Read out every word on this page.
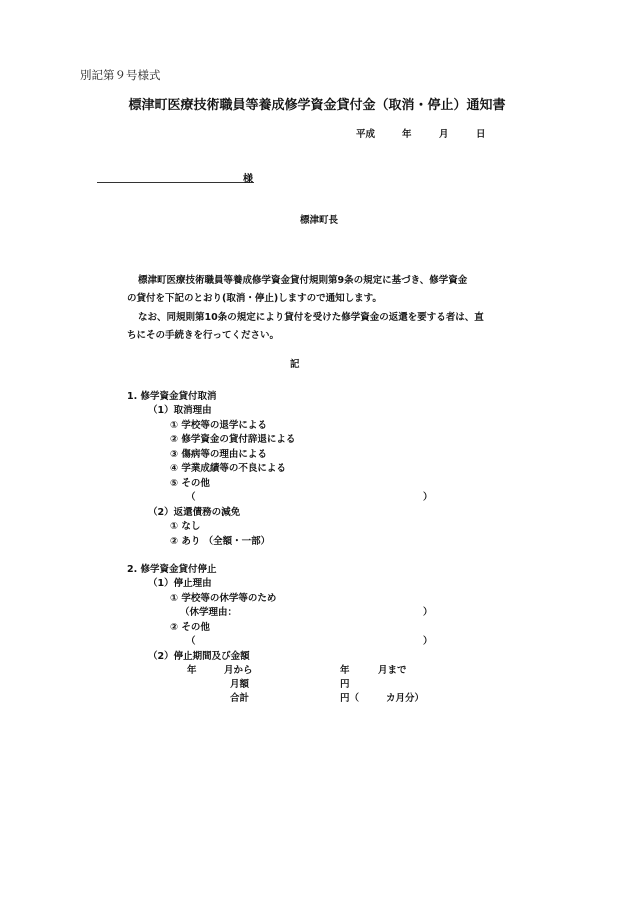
別記第９号様式
標津町医療技術職員等養成修学資金貸付金（取消・停止）通知書
平成	年	月	日
様
標津町長
標津町医療技術職員等養成修学資金貸付規則第9条の規定に基づき、修学資金
の貸付を下記のとおり(取消・停止)しますので通知します。
なお、同規則第10条の規定により貸付を受けた修学資金の返還を要する者は、直
ちにその手続きを行ってください。
記
1. 修学資金貸付取消
（1）取消理由
① 学校等の退学による
② 修学資金の貸付辞退による
③ 傷病等の理由による
④ 学業成績等の不良による
⑤ その他
（	）
（2）返還債務の減免
① なし
② あり （全額・一部）
2. 修学資金貸付停止
（1）停止理由
① 学校等の休学等のため
（休学理由：	）
② その他
（	）
（2）停止期間及び金額
年	月から	年	月まで
月額	円
合計	円（	カ月分）
